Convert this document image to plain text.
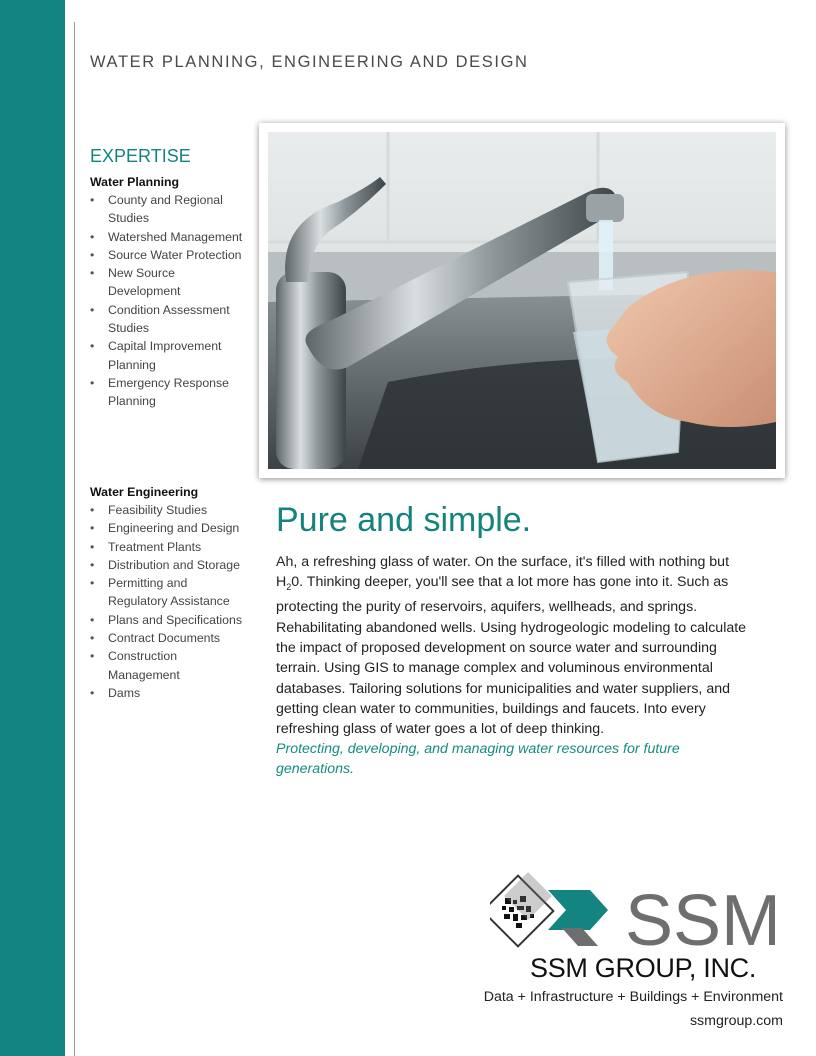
WATER PLANNING, ENGINEERING AND DESIGN
EXPERTISE
Water Planning
• County and Regional Studies
• Watershed Management
• Source Water Protection
• New Source Development
• Condition Assessment Studies
• Capital Improvement Planning
• Emergency Response Planning
Water Engineering
• Feasibility Studies
• Engineering and Design
• Treatment Plants
• Distribution and Storage
• Permitting and Regulatory Assistance
• Plans and Specifications
• Contract Documents
• Construction Management
• Dams
Pure and simple.
Ah, a refreshing glass of water. On the surface, it's filled with nothing but $H_20$. Thinking deeper, you'll see that a lot more has gone into it. Such as protecting the purity of reservoirs, aquifers, wellheads, and springs. Rehabilitating abandoned wells. Using hydrogeologic modeling to calculate the impact of proposed development on source water and surrounding terrain. Using GIS to manage complex and voluminous environmental databases. Tailoring solutions for municipalities and water suppliers, and getting clean water to communities, buildings and faucets. Into every refreshing glass of water goes a lot of deep thinking.
Protecting, developing, and managing water resources for future generations.
SSM
SSM GROUP, INC.
Data + Infrastructure + Buildings + Environment
ssmgroup.com
